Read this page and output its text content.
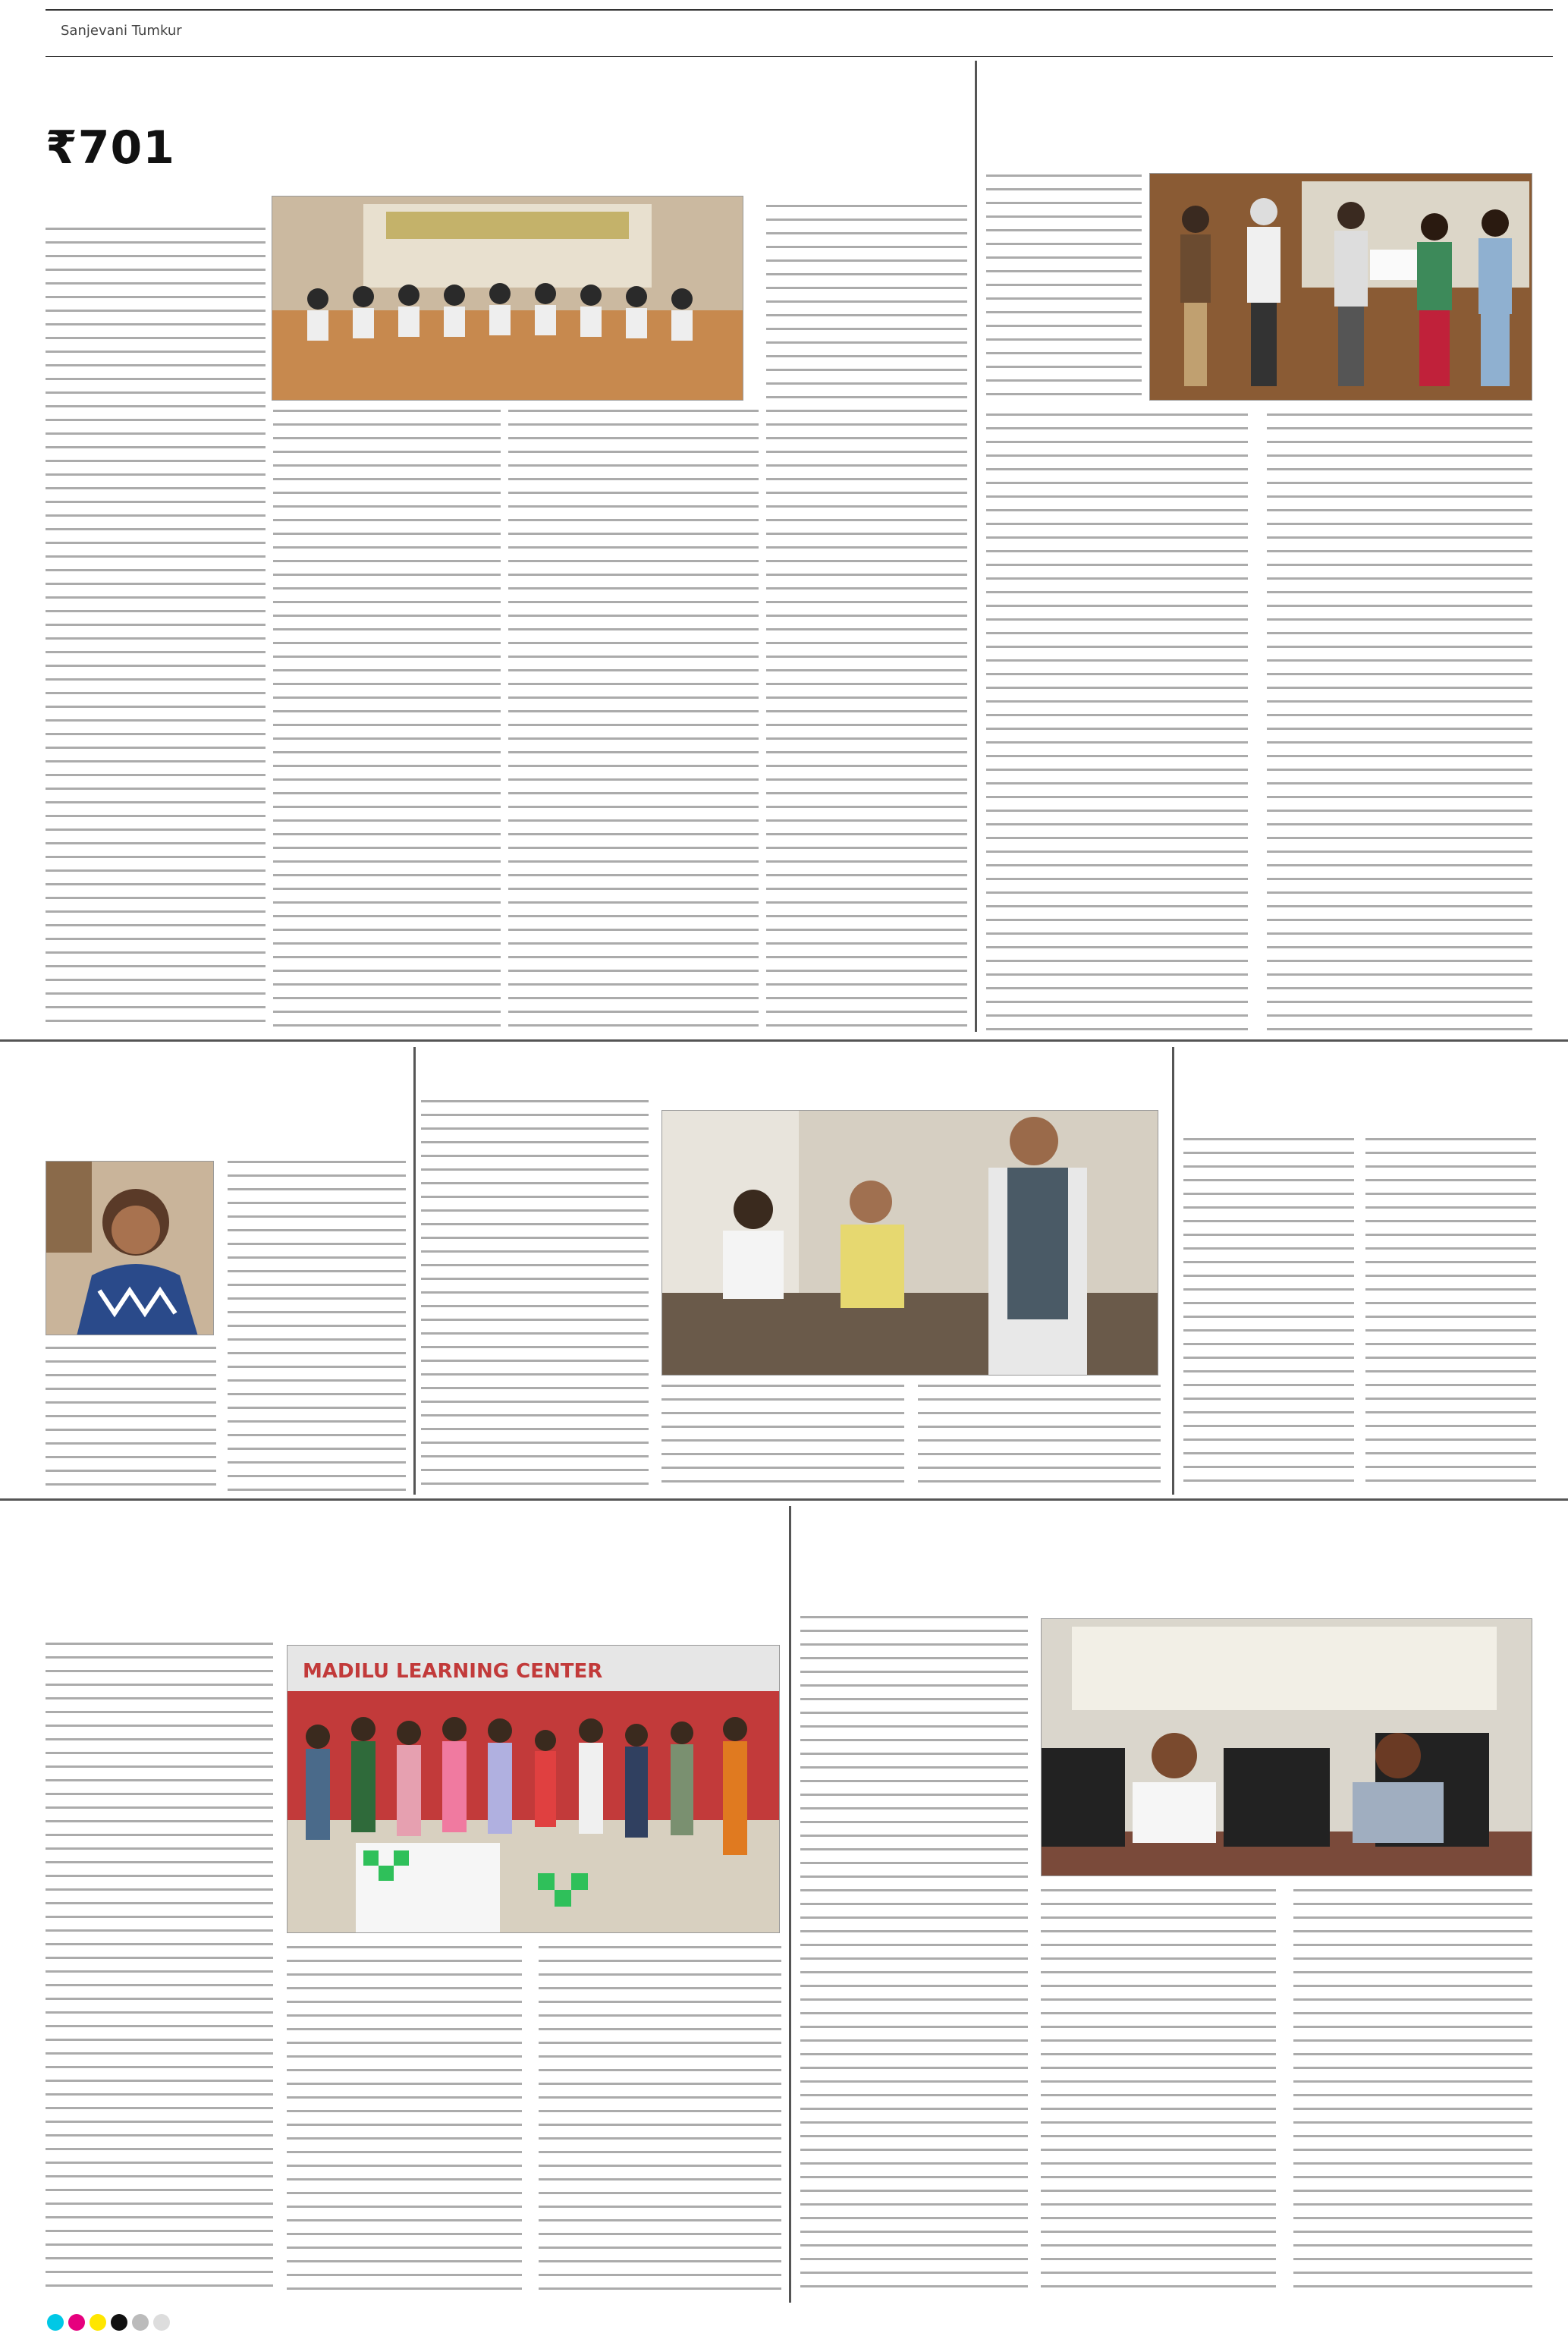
Sanjevani Tumkur
₹701
MADILU LEARNING CENTER
